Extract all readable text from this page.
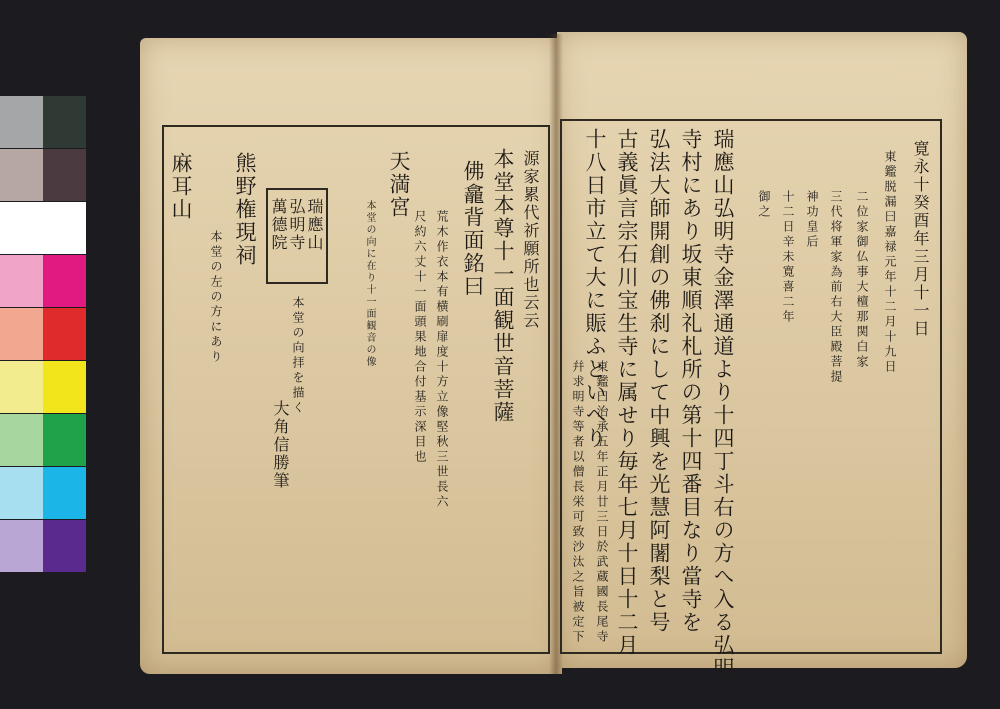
寛永十癸酉年三月十一日
東鑑脱漏曰嘉禄元年十二月十九日
二位家御仏事大檀那関白家
三代将軍家為前右大臣殿菩提
神功皇后
十二日辛未寛喜二年
御之
瑞應山弘明寺金澤通道より十四丁斗右の方へ入る弘明
寺村にあり坂東順礼札所の第十四番目なり當寺を
弘法大師開創の佛刹にして中興を光慧阿闍梨と号
古義眞言宗石川宝生寺に属せり毎年七月十日十二月
十八日市立て大に賑ふといへり
東鑑曰治承五年正月廿三日於武蔵國長尾寺
幷求明寺等者以僧長栄可致沙汰之旨被定下
源家累代祈願所也云云
本堂本尊十一面観世音菩薩
佛龕背面銘曰
荒木作衣本有横刷扉度十方立像堅秋三世長六
尺約六丈十一面頭果地合付基示深目也
天満宮
本堂の向に在り十一面観音の像
瑞應山
弘明寺
萬德院
本堂の向拝を描く
大角信勝筆
熊野権現祠
本堂の左の方にあり
麻耳山
